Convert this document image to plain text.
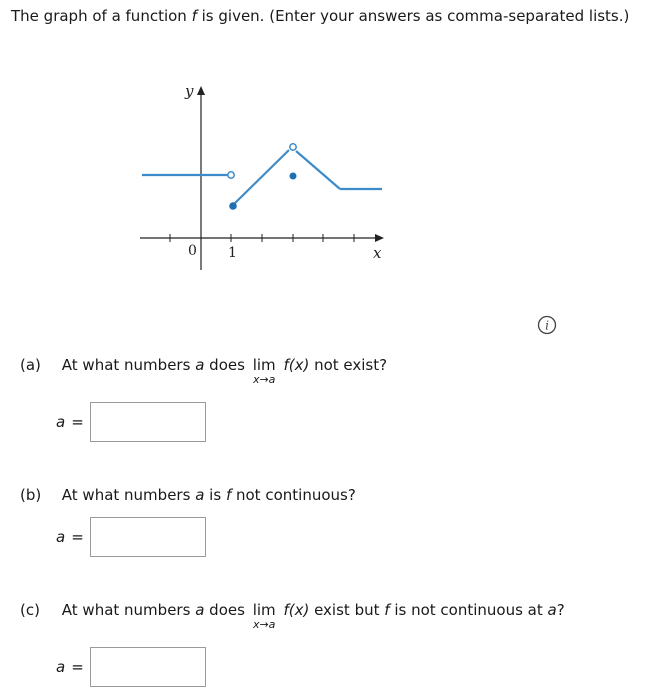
The graph of a function f is given. (Enter your answers as comma-separated lists.)
y
x
0 1
i
(a) At what numbers a does lim
x→a
f(x) not exist?
a =
(b) At what numbers a is f not continuous?
a =
(c) At what numbers a does lim
x→a
f(x) exist but f is not continuous at a?
a =
